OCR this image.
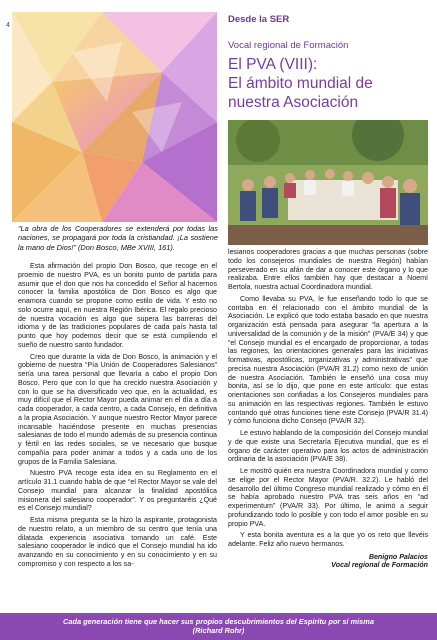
4
Desde la SER
Vocal regional de Formación
El PVA (VIII):
El ámbito mundial de
nuestra Asociación
“La obra de los Cooperadores se extenderá por todas las naciones, se propagará por toda la cristiandad. ¡La sostiene la mano de Dios!” (Don Bosco, MBe XVIII, 161).

Esta afirmación del propio Don Bosco, que recoge en el proemio de nuestro PVA, es un bonito punto de partida para asumir que el don que nos ha concedido el Señor al hacernos conocer la familia apostólica de Don Bosco es algo que enamora cuando se propone como estilo de vida. Y esto no solo ocurre aquí, en nuestra Región Ibérica. El regalo precioso de nuestra vocación es algo que supera las barreras del idioma y de las tradiciones populares de cada país hasta tal punto que hoy podemos decir que se está cumpliendo el sueño de nuestro santo fundador.

Creo que durante la vida de Don Bosco, la animación y el gobierno de nuestra “Pía Unión de Cooperadores Salesianos” sería una tarea personal que llevaría a cabo el propio Don Bosco. Pero que con lo que ha crecido nuestra Asociación y con lo que se ha diversificado veo que, en la actualidad, es muy difícil que el Rector Mayor pueda animar en el día a día a cada cooperador, a cada centro, a cada Consejo, en definitiva a la propia Asociación. Y aunque nuestro Rector Mayor parece incansable haciéndose presente en muchas presencias salesianas de todo el mundo además de su presencia continua y fértil en las redes sociales, se ve necesario que busque compañía para poder animar a todos y a cada uno de los grupos de la Familia Salesiana.

Nuestro PVA recoge esta idea en su Reglamento en el artículo 31.1 cuando habla de que “el Rector Mayor se vale del Consejo mundial para alcanzar la finalidad apostólica misionera del salesiano cooperador”. Y os preguntaréis ¿Qué es el Consejo mundial?

Esta misma pregunta se la hizo la aspirante, protagonista de nuestro relato, a un miembro de su centro que tenía una dilatada experiencia asociativa tomando un café. Este salesiano cooperador le indicó que el Consejo mundial ha ido avanzando en su conocimiento y en su conocimiento y en su compromiso y con respecto a los sa-

lesianos cooperadores gracias a que muchas personas (sobre todo los consejeros mundiales de nuestra Región) habían perseverado en su afán de dar a conocer este órgano y lo que realizaba. Entre ellos también hay que destacar a Noemí Bertola, nuestra actual Coordinadora mundial.

Como llevaba su PVA, le fue enseñando todo lo que se contaba en él relacionado con el ámbito mundial de la Asociación. Le explicó que todo estaba basado en que nuestra organización está pensada para asegurar “la apertura a la universalidad de la comunión y de la misión” (PVA/E 34) y que “el Consejo mundial es el encargado de proporcionar, a todas las regiones, las orientaciones generales para las iniciativas formativas, apostólicas, organizativas y administrativas” que precisa nuestra Asociación (PVA/R 31.2) como nexo de unión de nuestra Asociación. También le enseñó una cosa muy bonita, así se lo dijo, que pone en este artículo: que estas orientaciones son confiadas a los Consejeros mundiales para su animación en las respectivas regiones. También le estuvo contando qué otras funciones tiene este Consejo (PVA/R 31.4) y cómo funciona dicho Consejo (PVA/R 32).

Le estuvo hablando de la composición del Consejo mundial y de que existe una Secretaría Ejecutiva mundial, que es el órgano de carácter operativo para los actos de administración ordinaria de la asociación (PVA/E 38).

Le mostró quién era nuestra Coordinadora mundial y como se elige por el Rector Mayor (PVA/R. 32.2). Le habló del desarrollo del último Congreso mundial realizado y cómo en él se había aprobado nuestro PVA tras seis años en “ad experimentum” (PVA/R 33). Por último, le animó a seguir profundizando todo lo posible y con todo el amor posible en su propio PVA.

Y esta bonita aventura es a la que yo os reto que llevéis adelante. Feliz año nuevo hermanos.

Benigno Palacios
Vocal regional de Formación
Cada generación tiene que hacer sus propios descubrimientos del Espíritu por sí misma
(Richard Rohr)
